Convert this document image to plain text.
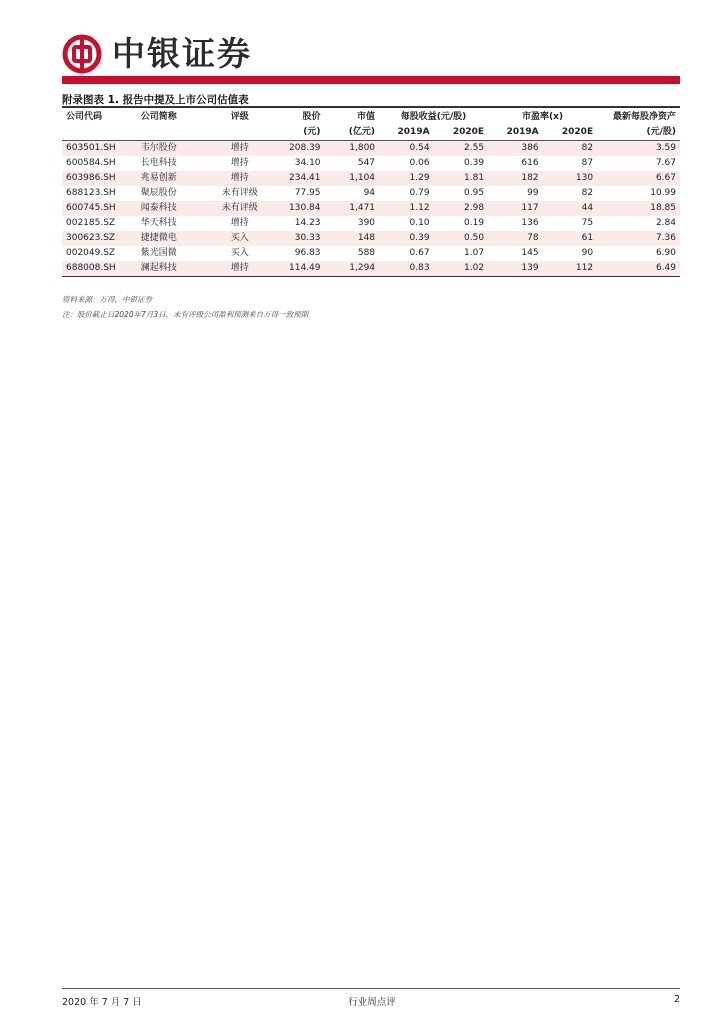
中银证券
附录图表 1. 报告中提及上市公司估值表
公司代码	公司简称	评级	股价	市值	每股收益(元/股)		市盈率(x)		最新每股净资产
			(元)	(亿元)	2019A	2020E	2019A	2020E	(元/股)
603501.SH	韦尔股份	增持	208.39	1,800	0.54	2.55	386	82	3.59
600584.SH	长电科技	增持	34.10	547	0.06	0.39	616	87	7.67
603986.SH	兆易创新	增持	234.41	1,104	1.29	1.81	182	130	6.67
688123.SH	聚辰股份	未有评级	77.95	94	0.79	0.95	99	82	10.99
600745.SH	闻泰科技	未有评级	130.84	1,471	1.12	2.98	117	44	18.85
002185.SZ	华天科技	增持	14.23	390	0.10	0.19	136	75	2.84
300623.SZ	捷捷微电	买入	30.33	148	0.39	0.50	78	61	7.36
002049.SZ	紫光国微	买入	96.83	588	0.67	1.07	145	90	6.90
688008.SH	澜起科技	增持	114.49	1,294	0.83	1.02	139	112	6.49
资料来源：万得，中银证券
注：股价截止日2020年7月3日，未有评级公司盈利预测来自万得一致预期
2020 年 7 月 7 日	行业周点评	2
